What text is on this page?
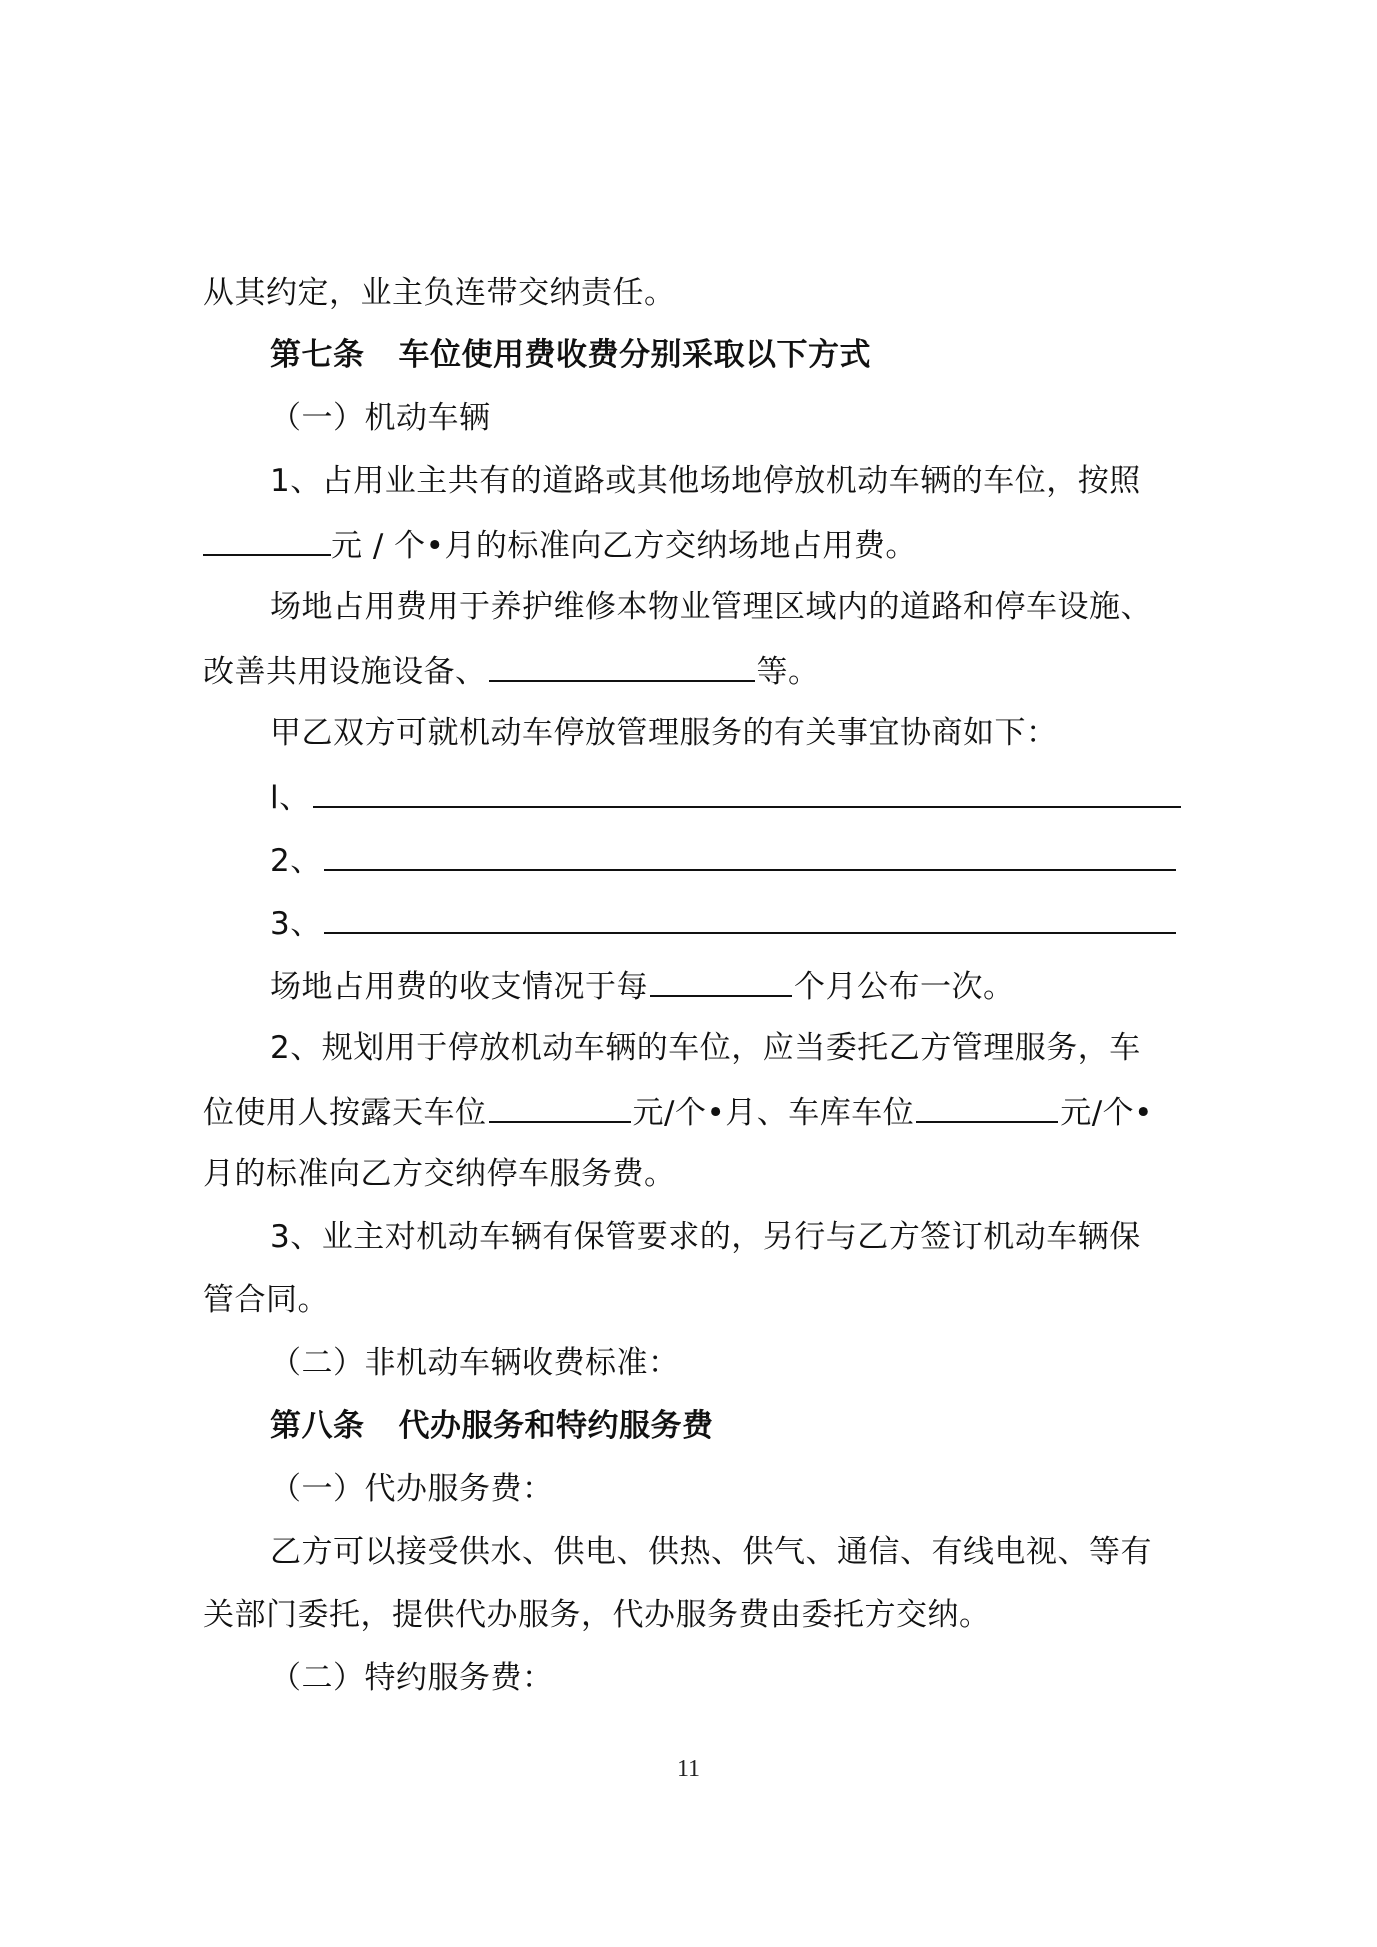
从其约定，业主负连带交纳责任。
第七条 车位使用费收费分别采取以下方式
（一）机动车辆
1、占用业主共有的道路或其他场地停放机动车辆的车位，按照
元 / 个•月的标准向乙方交纳场地占用费。
场地占用费用于养护维修本物业管理区域内的道路和停车设施、
改善共用设施设备、	等。
甲乙双方可就机动车停放管理服务的有关事宜协商如下：
l、
2、
3、
场地占用费的收支情况于每	个月公布一次。
2、规划用于停放机动车辆的车位，应当委托乙方管理服务，车
位使用人按露天车位	元/个•月、车库车位	元/个•
月的标准向乙方交纳停车服务费。
3、业主对机动车辆有保管要求的，另行与乙方签订机动车辆保
管合同。
（二）非机动车辆收费标准：
第八条 代办服务和特约服务费
（一）代办服务费：
乙方可以接受供水、供电、供热、供气、通信、有线电视、等有
关部门委托，提供代办服务，代办服务费由委托方交纳。
（二）特约服务费：
11
